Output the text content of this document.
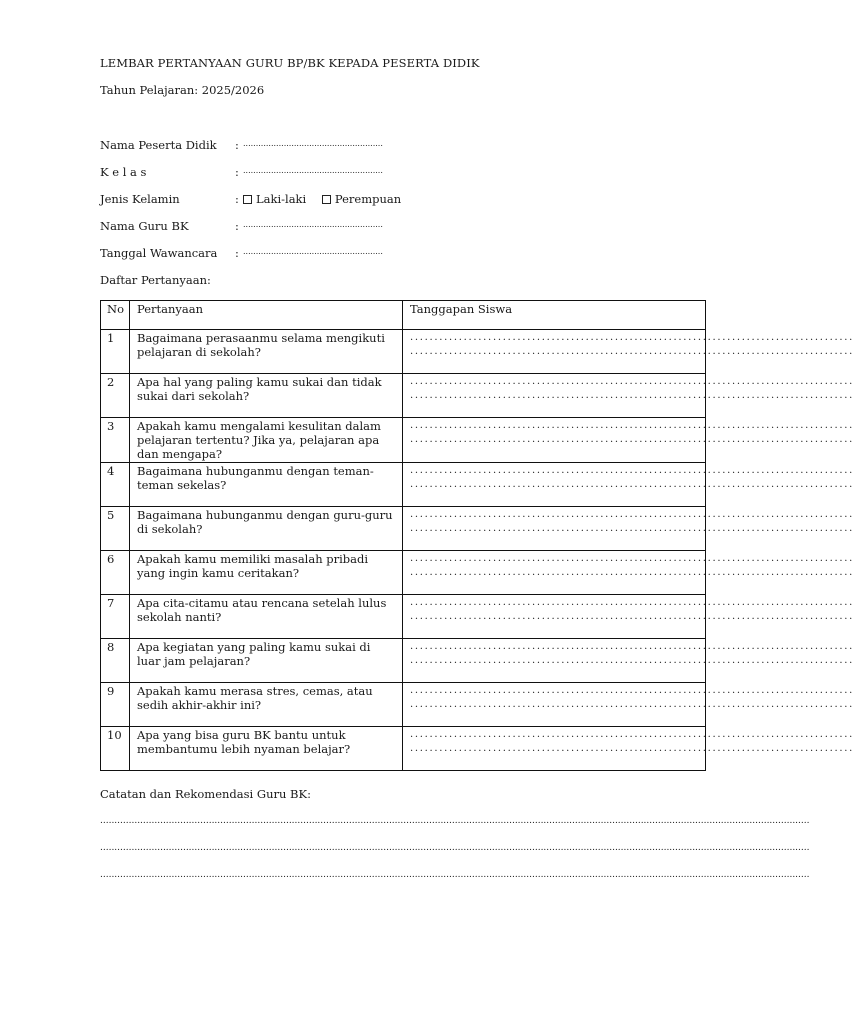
LEMBAR PERTANYAAN GURU BP/BK KEPADA PESERTA DIDIK
Tahun Pelajaran: 2025/2026
Nama Peserta Didik : .......................................................
K e l a s	: .......................................................
Jenis Kelamin	:	Laki-laki Perempuan
Nama Guru BK	: .......................................................
Tanggal Wawancara : .......................................................
Daftar Pertanyaan:
No	Pertanyaan	Tanggapan Siswa
1	Bagaimana perasaanmu selama mengikuti pelajaran di sekolah?	...........................................................................................
...........................................................................................

2	Apa hal yang paling kamu sukai dan tidak sukai dari sekolah?	...........................................................................................
...........................................................................................

3	Apakah kamu mengalami kesulitan dalam pelajaran tertentu? Jika ya, pelajaran apa dan mengapa?	...........................................................................................
...........................................................................................

4	Bagaimana hubunganmu dengan teman-teman sekelas?	...........................................................................................
...........................................................................................

5	Bagaimana hubunganmu dengan guru-guru di sekolah?	...........................................................................................
...........................................................................................

6	Apakah kamu memiliki masalah pribadi yang ingin kamu ceritakan?	...........................................................................................
...........................................................................................

7	Apa cita-citamu atau rencana setelah lulus sekolah nanti?	...........................................................................................
...........................................................................................

8	Apa kegiatan yang paling kamu sukai di luar jam pelajaran?	...........................................................................................
...........................................................................................

9	Apakah kamu merasa stres, cemas, atau sedih akhir-akhir ini?	...........................................................................................
...........................................................................................

10	Apa yang bisa guru BK bantu untuk membantumu lebih nyaman belajar?	...........................................................................................
...........................................................................................
Catatan dan Rekomendasi Guru BK:
........................................................................................................................................................................................................................................................
........................................................................................................................................................................................................................................................
........................................................................................................................................................................................................................................................
